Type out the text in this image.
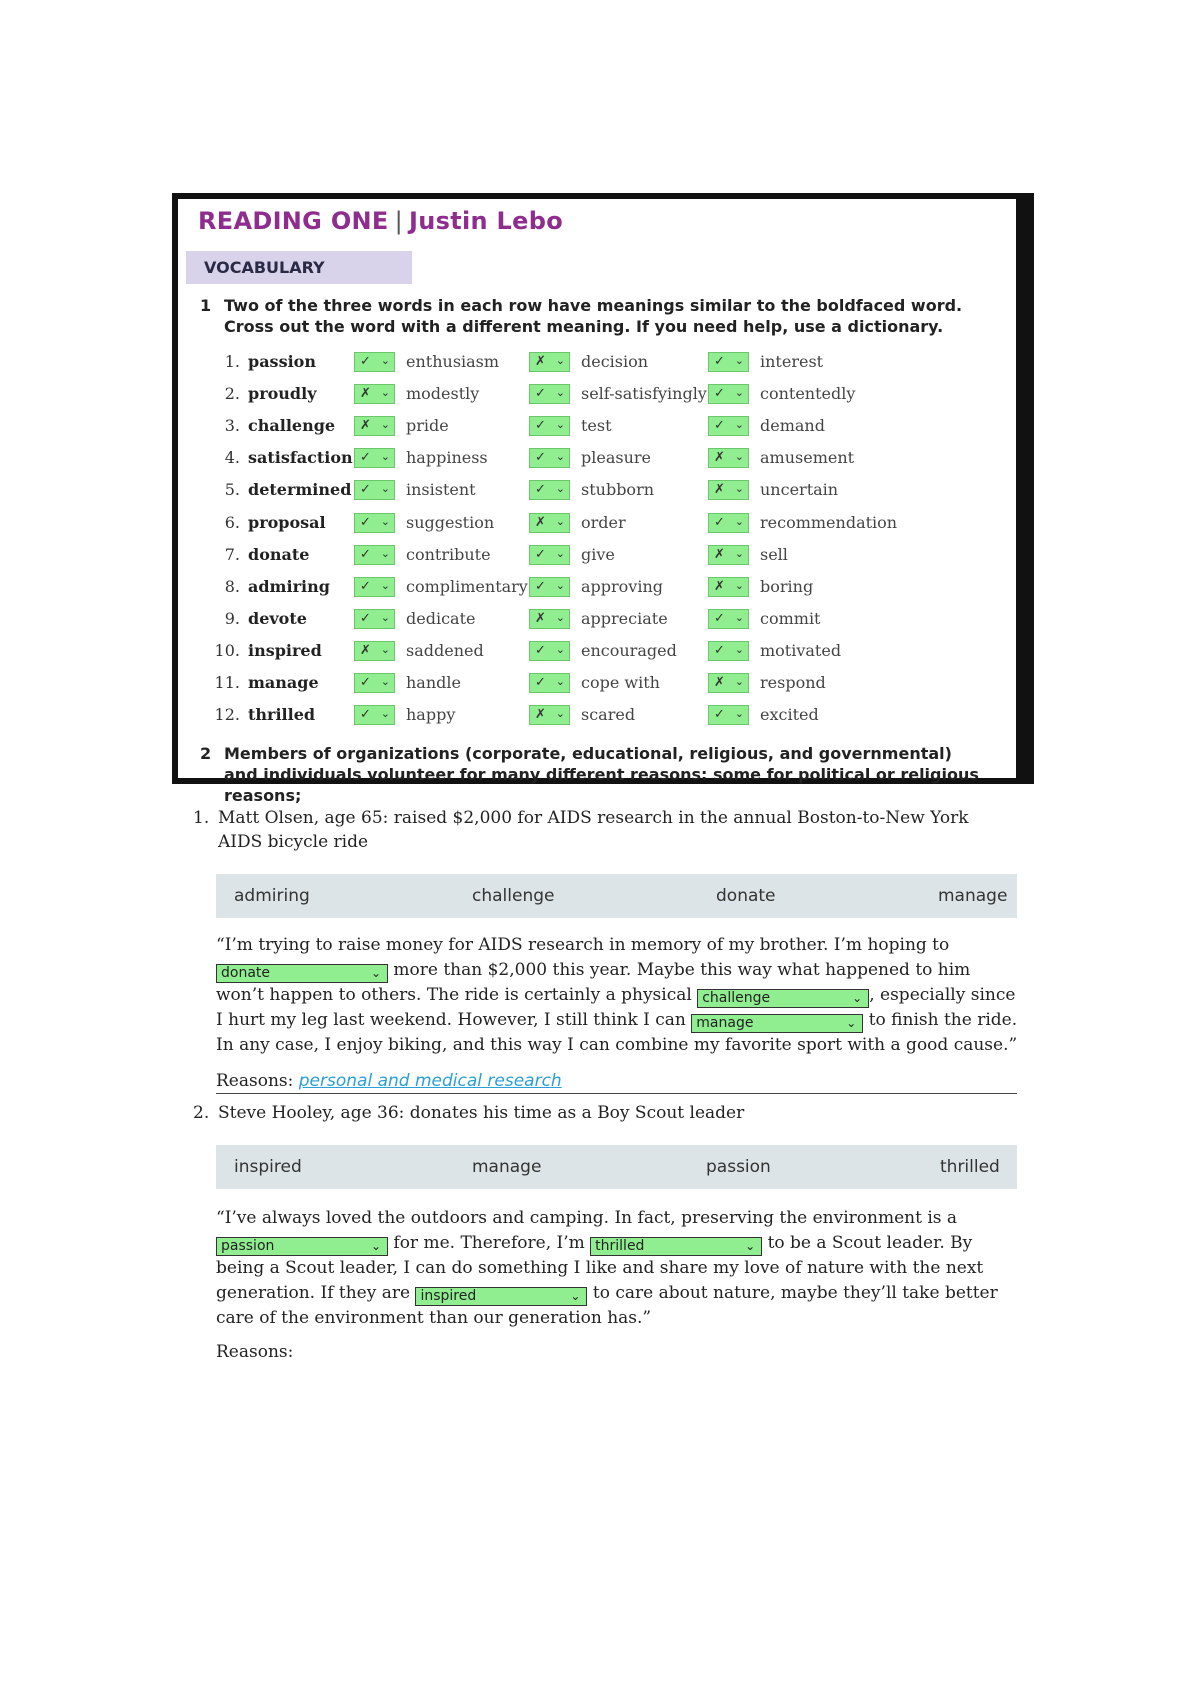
READING ONE | Justin Lebo
VOCABULARY
1 Two of the three words in each row have meanings similar to the boldfaced word. Cross out the word with a different meaning. If you need help, use a dictionary.
1. passion	✓ ⌄ enthusiasm	✗ ⌄ decision	✓ ⌄ interest
2. proudly	✗ ⌄ modestly	✓ ⌄ self-satisfyingly ✓ ⌄ contentedly
3. challenge ✗ ⌄ pride	✓ ⌄ test	✓ ⌄ demand
4. satisfaction ✓ ⌄ happiness	✓ ⌄ pleasure	✗ ⌄ amusement
5. determined ✓ ⌄ insistent	✓ ⌄ stubborn	✗ ⌄ uncertain
6. proposal	✓ ⌄ suggestion	✗ ⌄ order	✓ ⌄ recommendation
7. donate	✓ ⌄ contribute	✓ ⌄ give	✗ ⌄ sell
8. admiring ✓ ⌄ complimentary ✓ ⌄ approving	✗ ⌄ boring
9. devote	✓ ⌄ dedicate	✗ ⌄ appreciate	✓ ⌄ commit
10. inspired	✗ ⌄ saddened	✓ ⌄ encouraged	✓ ⌄ motivated
11. manage	✓ ⌄ handle	✓ ⌄ cope with	✗ ⌄ respond
12. thrilled	✓ ⌄ happy	✗ ⌄ scared	✓ ⌄ excited
2 Members of organizations (corporate, educational, religious, and governmental) and individuals volunteer for many different reasons: some for political or religious reasons;
1. Matt Olsen, age 65: raised $2,000 for AIDS research in the annual Boston-to-New York AIDS bicycle ride
admiring	challenge	donate	manage
“I’m trying to raise money for AIDS research in memory of my brother. I’m hoping to
donate	⌄ more than $2,000 this year. Maybe this way what happened to him won’t happen to others. The ride is certainly a physical challenge	⌄ , especially since I hurt my leg last weekend. However, I still think I can manage	⌄ to finish the ride. In any case, I enjoy biking, and this way I can combine my favorite sport with a good cause.”
Reasons: personal and medical research
2. Steve Hooley, age 36: donates his time as a Boy Scout leader
inspired	manage	passion	thrilled
“I’ve always loved the outdoors and camping. In fact, preserving the environment is a
passion	⌄ for me. Therefore, I’m thrilled	⌄ to be a Scout leader. By being a Scout leader, I can do something I like and share my love of nature with the next generation. If they are inspired	⌄ to care about nature, maybe they’ll take better care of the environment than our generation has.”
Reasons:
